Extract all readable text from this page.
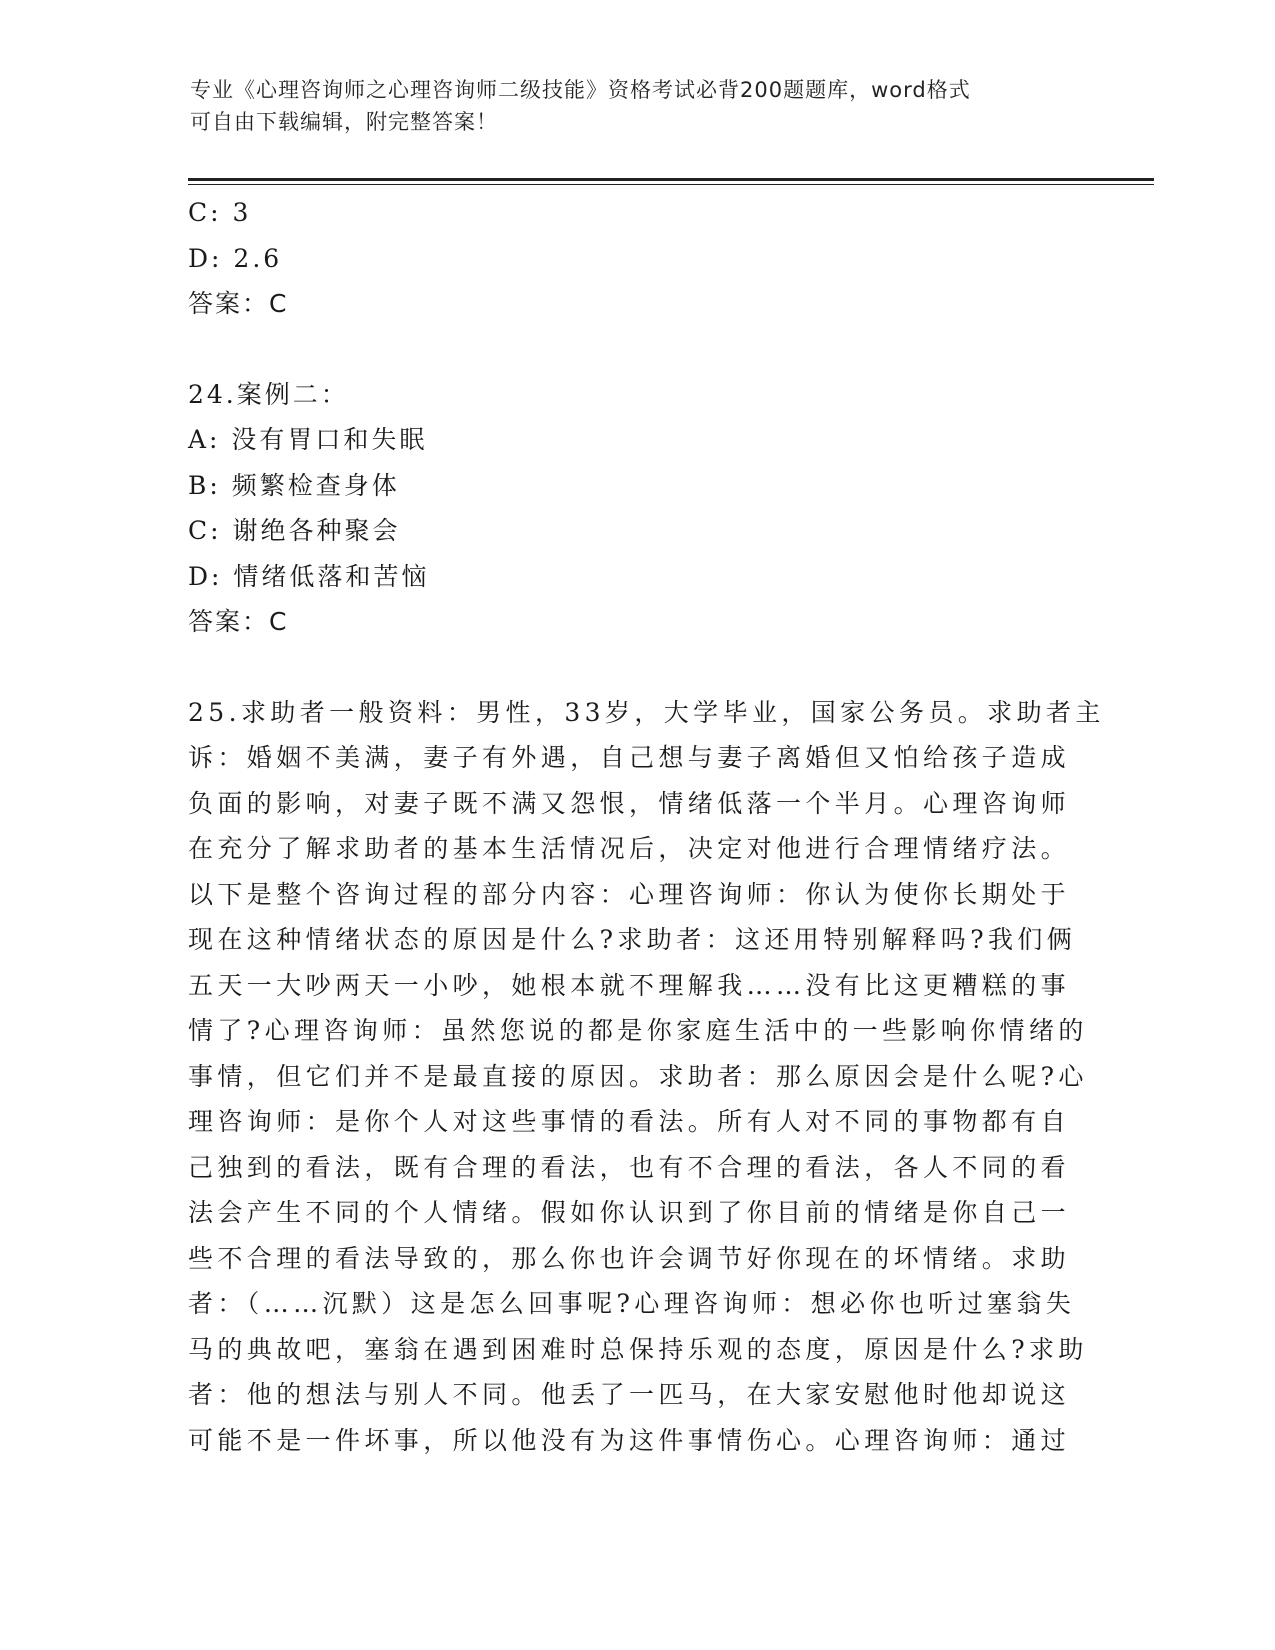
专业《心理咨询师之心理咨询师二级技能》资格考试必背200题题库，word格式
可自由下载编辑，附完整答案！
C: 3
D: 2.6
答案：C
24.案例二：
A: 没有胃口和失眠
B: 频繁检查身体
C: 谢绝各种聚会
D: 情绪低落和苦恼
答案：C
25.求助者一般资料：男性，33岁，大学毕业，国家公务员。求助者主
诉：婚姻不美满，妻子有外遇，自己想与妻子离婚但又怕给孩子造成
负面的影响，对妻子既不满又怨恨，情绪低落一个半月。心理咨询师
在充分了解求助者的基本生活情况后，决定对他进行合理情绪疗法。
以下是整个咨询过程的部分内容：心理咨询师：你认为使你长期处于
现在这种情绪状态的原因是什么?求助者：这还用特别解释吗?我们俩
五天一大吵两天一小吵，她根本就不理解我……没有比这更糟糕的事
情了?心理咨询师：虽然您说的都是你家庭生活中的一些影响你情绪的
事情，但它们并不是最直接的原因。求助者：那么原因会是什么呢?心
理咨询师：是你个人对这些事情的看法。所有人对不同的事物都有自
己独到的看法，既有合理的看法，也有不合理的看法，各人不同的看
法会产生不同的个人情绪。假如你认识到了你目前的情绪是你自己一
些不合理的看法导致的，那么你也许会调节好你现在的坏情绪。求助
者：（……沉默）这是怎么回事呢?心理咨询师：想必你也听过塞翁失
马的典故吧，塞翁在遇到困难时总保持乐观的态度，原因是什么?求助
者：他的想法与别人不同。他丢了一匹马，在大家安慰他时他却说这
可能不是一件坏事，所以他没有为这件事情伤心。心理咨询师：通过
